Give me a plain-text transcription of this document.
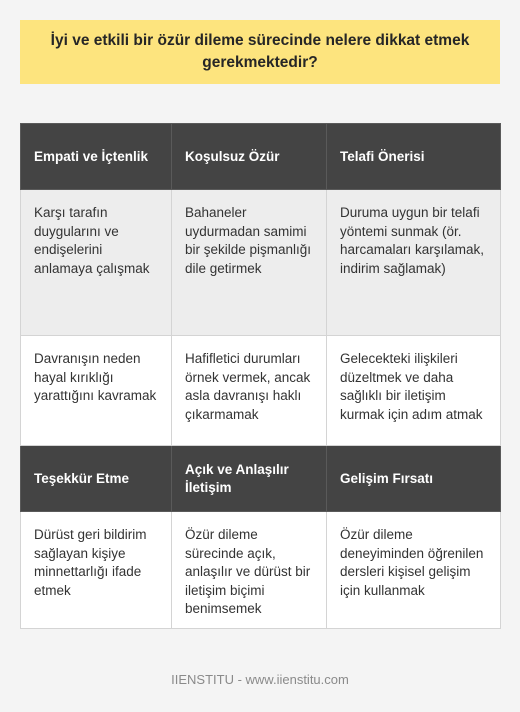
İyi ve etkili bir özür dileme sürecinde nelere dikkat etmek gerekmektedir?
Empati ve İçtenlik	Koşulsuz Özür	Telafi Önerisi
Karşı tarafın duygularını ve endişelerini anlamaya çalışmak	Bahaneler uydurmadan samimi bir şekilde pişmanlığı dile getirmek	Duruma uygun bir telafi yöntemi sunmak (ör. harcamaları karşılamak, indirim sağlamak)
Davranışın neden hayal kırıklığı yarattığını kavramak	Hafifletici durumları örnek vermek, ancak asla davranışı haklı çıkarmamak	Gelecekteki ilişkileri düzeltmek ve daha sağlıklı bir iletişim kurmak için adım atmak
Teşekkür Etme	Açık ve Anlaşılır İletişim	Gelişim Fırsatı
Dürüst geri bildirim sağlayan kişiye minnettarlığı ifade etmek	Özür dileme sürecinde açık, anlaşılır ve dürüst bir iletişim biçimi benimsemek	Özür dileme deneyiminden öğrenilen dersleri kişisel gelişim için kullanmak
IIENSTITU - www.iienstitu.com
